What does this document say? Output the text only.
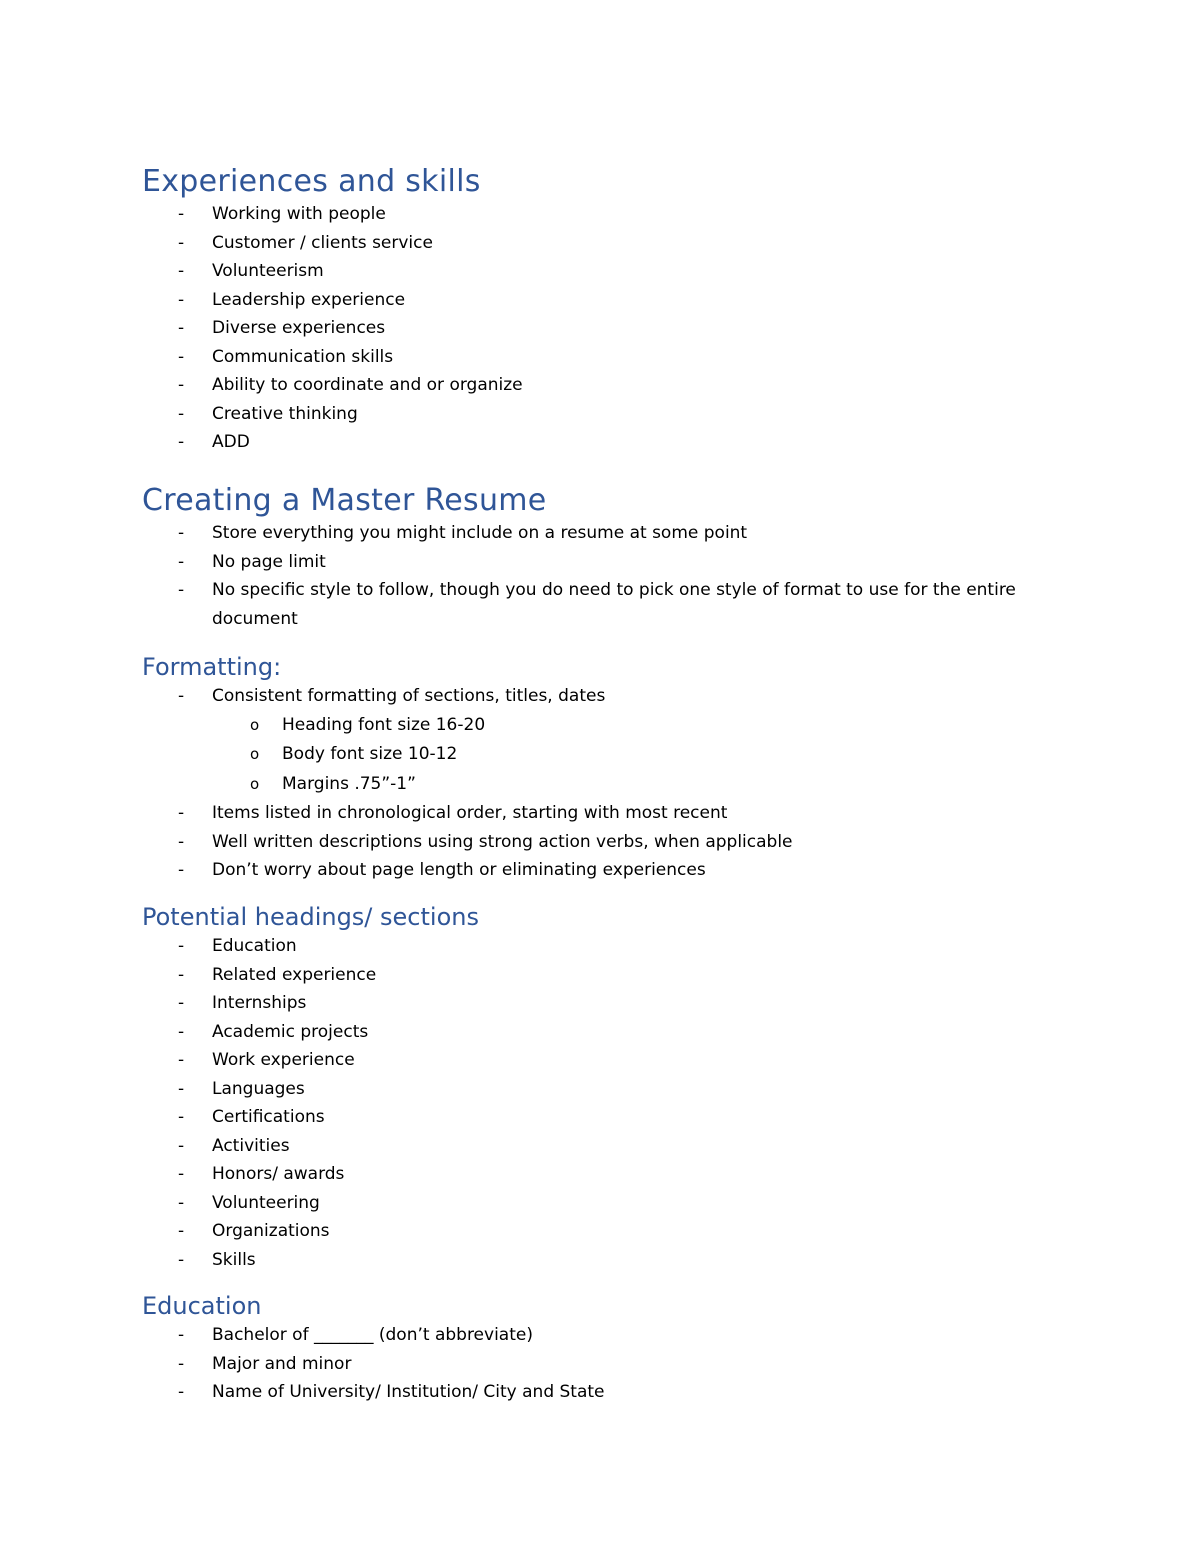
Experiences and skills
- Working with people
- Customer / clients service
- Volunteerism
- Leadership experience
- Diverse experiences
- Communication skills
- Ability to coordinate and or organize
- Creative thinking
- ADD
Creating a Master Resume
- Store everything you might include on a resume at some point
- No page limit
- No specific style to follow, though you do need to pick one style of format to use for the entire document
Formatting:
- Consistent formatting of sections, titles, dates
o Heading font size 16-20
o Body font size 10-12
o Margins .75”-1”
- Items listed in chronological order, starting with most recent
- Well written descriptions using strong action verbs, when applicable
- Don’t worry about page length or eliminating experiences
Potential headings/ sections
- Education
- Related experience
- Internships
- Academic projects
- Work experience
- Languages
- Certifications
- Activities
- Honors/ awards
- Volunteering
- Organizations
- Skills
Education
- Bachelor of _______ (don’t abbreviate)
- Major and minor
- Name of University/ Institution/ City and State
